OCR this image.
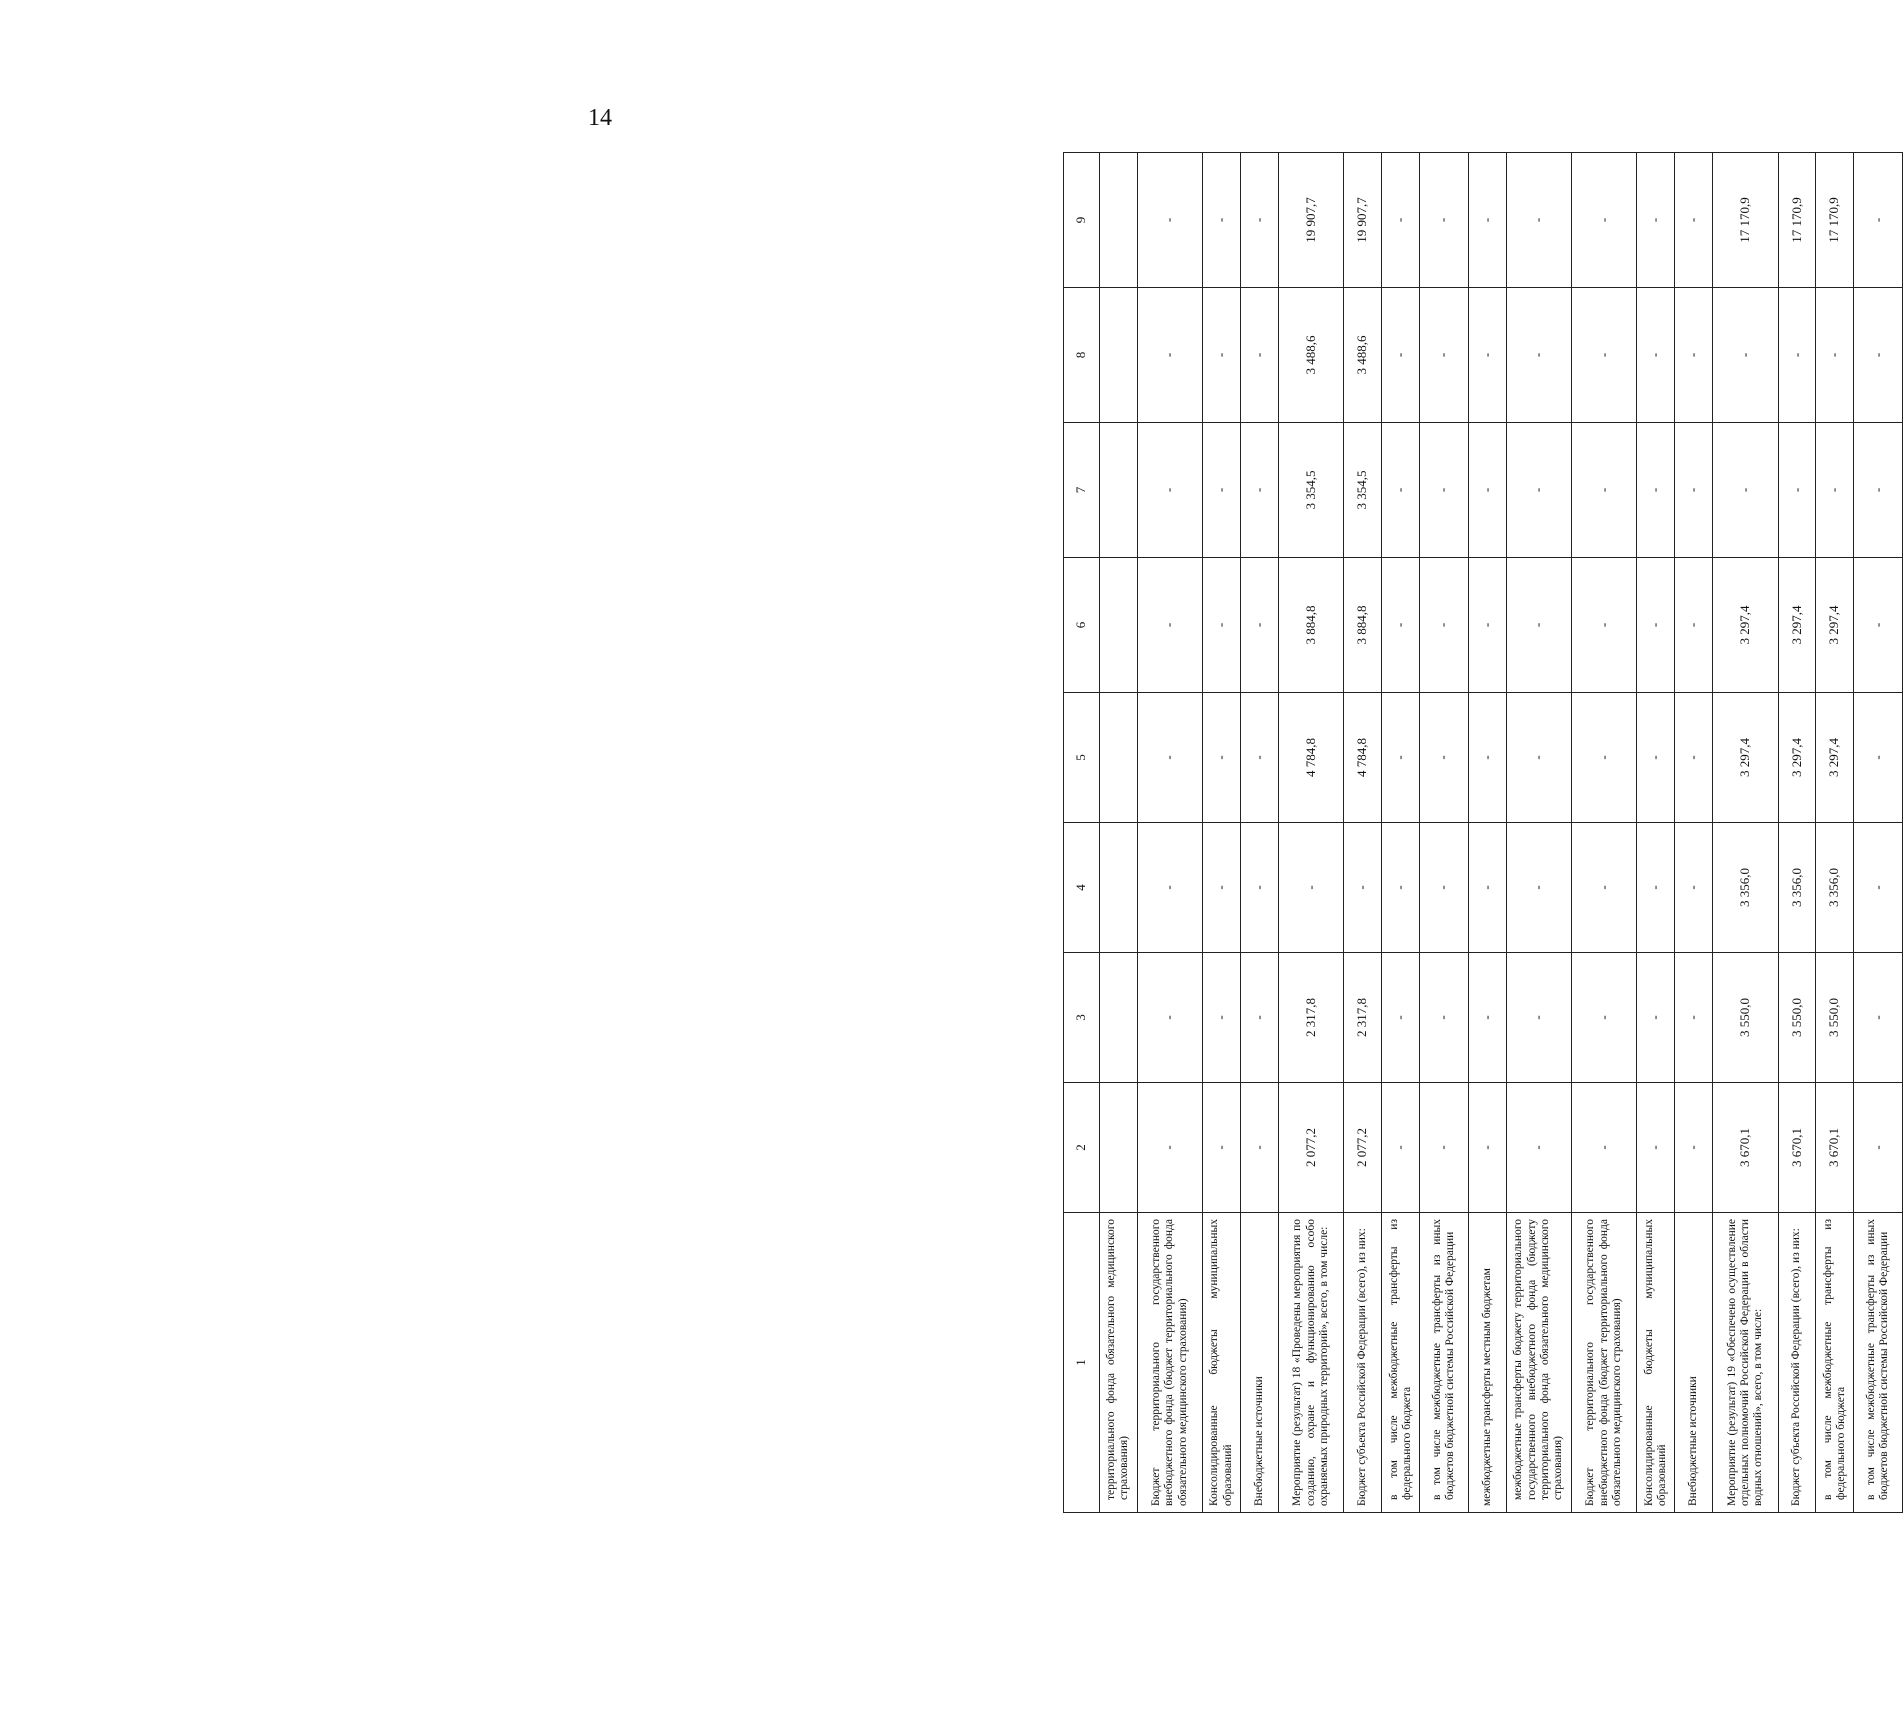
14
1	2	3	4	5	6	7	8	9
территориального фонда обязательного медицинского страхования)								
Бюджет территориального государственного внебюджетного фонда (бюджет территориального фонда обязательного медицинского страхования)	-	-	-	-	-	-	-	-
Консолидированные бюджеты муниципальных образований	-	-	-	-	-	-	-	-
Внебюджетные источники	-	-	-	-	-	-	-	-
Мероприятие (результат) 18 «Проведены мероприятия по созданию, охране и функционированию особо охраняемых природных территорий», всего, в том числе:	2 077,2	2 317,8	-	4 784,8	3 884,8	3 354,5	3 488,6	19 907,7
Бюджет субъекта Российской Федерации (всего), из них:	2 077,2	2 317,8	-	4 784,8	3 884,8	3 354,5	3 488,6	19 907,7
в том числе межбюджетные трансферты из федерального бюджета	-	-	-	-	-	-	-	-
в том числе межбюджетные трансферты из иных бюджетов бюджетной системы Российской Федерации	-	-	-	-	-	-	-	-
межбюджетные трансферты местным бюджетам	-	-	-	-	-	-	-	-
межбюджетные трансферты бюджету территориального государственного внебюджетного фонда (бюджету территориального фонда обязательного медицинского страхования)	-	-	-	-	-	-	-	-
Бюджет территориального государственного внебюджетного фонда (бюджет территориального фонда обязательного медицинского страхования)	-	-	-	-	-	-	-	-
Консолидированные бюджеты муниципальных образований	-	-	-	-	-	-	-	-
Внебюджетные источники	-	-	-	-	-	-	-	-
Мероприятие (результат) 19 «Обеспечено осуществление отдельных полномочий Российской Федерации в области водных отношений», всего, в том числе:	3 670,1	3 550,0	3 356,0	3 297,4	3 297,4	-	-	17 170,9
Бюджет субъекта Российской Федерации (всего), из них:	3 670,1	3 550,0	3 356,0	3 297,4	3 297,4	-	-	17 170,9
в том числе межбюджетные трансферты из федерального бюджета	3 670,1	3 550,0	3 356,0	3 297,4	3 297,4	-	-	17 170,9
в том числе межбюджетные трансферты из иных бюджетов бюджетной системы Российской Федерации	-	-	-	-	-	-	-	-
